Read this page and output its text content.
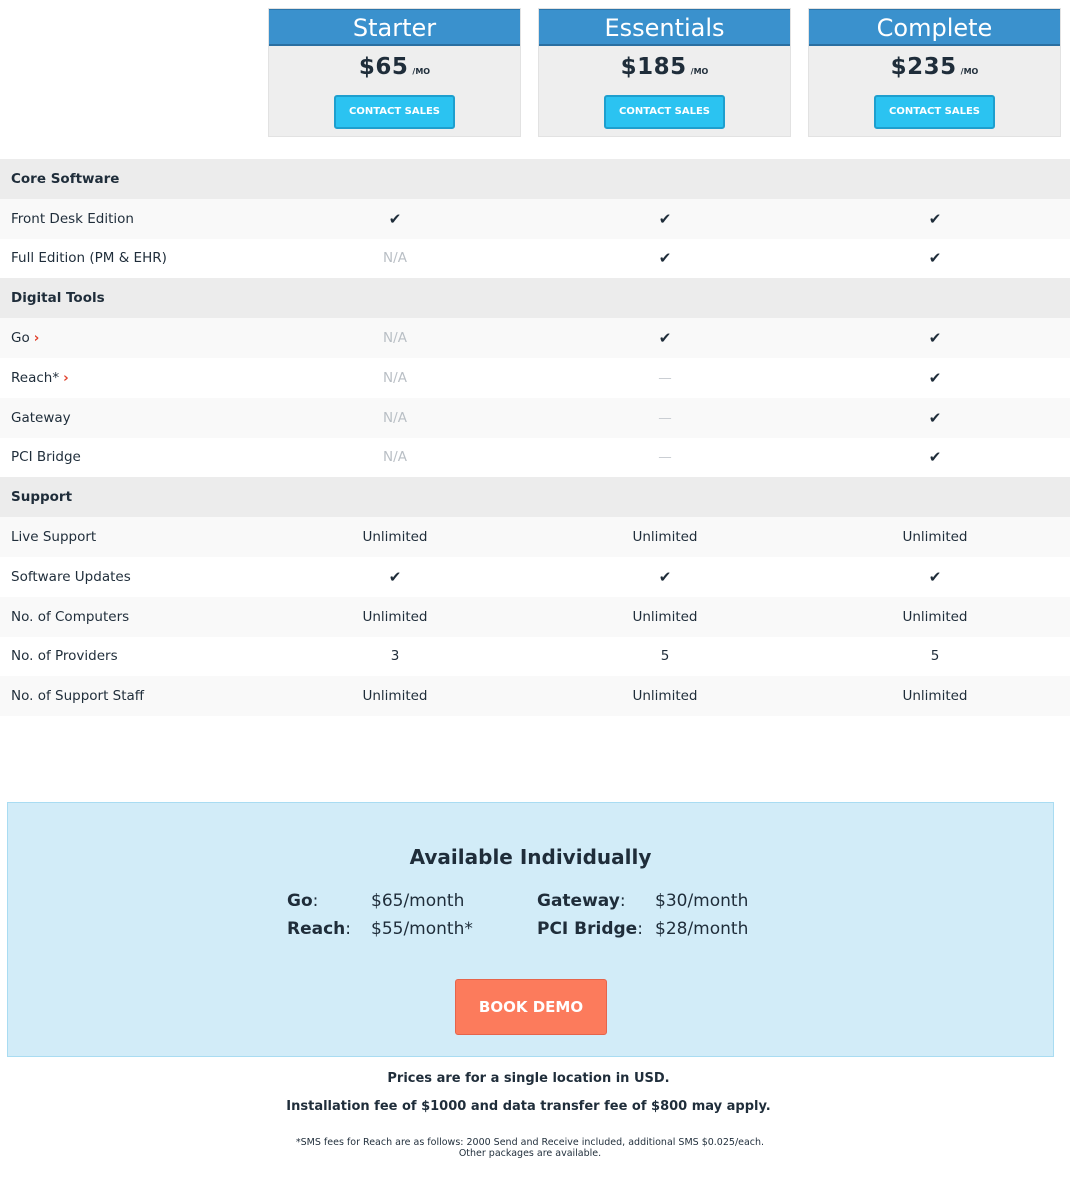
Starter
$65 /MO
CONTACT SALES
Essentials
$185 /MO
CONTACT SALES
Complete
$235 /MO
CONTACT SALES
Core Software
Front Desk Edition	✔	✔	✔
Full Edition (PM & EHR)	N/A	✔	✔
Digital Tools
Go ›	N/A	✔	✔
Reach* ›	N/A	—	✔
Gateway	N/A	—	✔
PCI Bridge	N/A	—	✔
Support
Live Support	Unlimited	Unlimited	Unlimited
Software Updates	✔	✔	✔
No. of Computers	Unlimited	Unlimited	Unlimited
No. of Providers	3	5	5
No. of Support Staff	Unlimited	Unlimited	Unlimited
Available Individually
Go:	$65/month
Reach: $55/month*
Gateway: $30/month
PCI Bridge: $28/month
BOOK DEMO
Prices are for a single location in USD.
Installation fee of $1000 and data transfer fee of $800 may apply.
*SMS fees for Reach are as follows: 2000 Send and Receive included, additional SMS $0.025/each.
Other packages are available.
